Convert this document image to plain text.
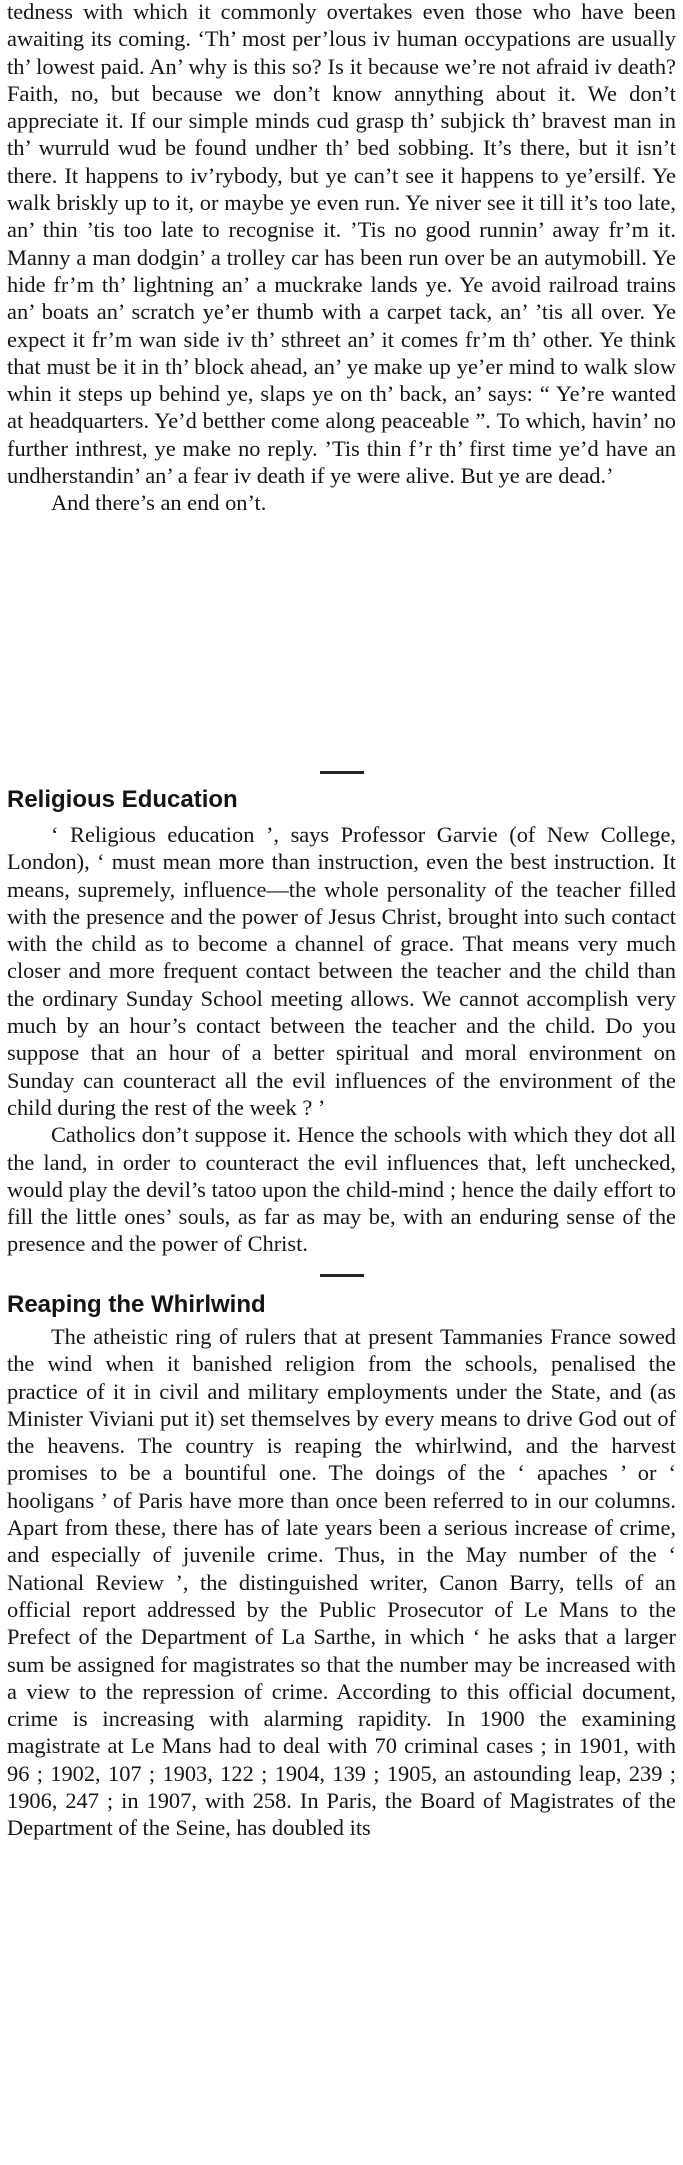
tedness with which it commonly overtakes even those who have been awaiting its coming. ‘Th’ most per’lous iv human occypations are usually th’ lowest paid. An’ why is this so? Is it because we’re not afraid iv death? Faith, no, but because we don’t know annything about it. We don’t appreciate it. If our simple minds cud grasp th’ subjick th’ bravest man in th’ wurruld wud be found undher th’ bed sobbing. It’s there, but it isn’t there. It happens to iv’rybody, but ye can’t see it happens to ye’ersilf. Ye walk briskly up to it, or maybe ye even run. Ye niver see it till it’s too late, an’ thin ’tis too late to recognise it. ’Tis no good runnin’ away fr’m it. Manny a man dodgin’ a trolley car has been run over be an autymobill. Ye hide fr’m th’ lightning an’ a muckrake lands ye. Ye avoid railroad trains an’ boats an’ scratch ye’er thumb with a carpet tack, an’ ’tis all over. Ye expect it fr’m wan side iv th’ sthreet an’ it comes fr’m th’ other. Ye think that must be it in th’ block ahead, an’ ye make up ye’er mind to walk slow whin it steps up behind ye, slaps ye on th’ back, an’ says: “ Ye’re wanted at headquarters. Ye’d betther come along peaceable ”. To which, havin’ no further inthrest, ye make no reply. ’Tis thin f’r th’ first time ye’d have an undherstandin’ an’ a fear iv death if ye were alive. But ye are dead.’

And there’s an end on’t.

Religious Education

‘ Religious education ’, says Professor Garvie (of New College, London), ‘ must mean more than instruction, even the best instruction. It means, supremely, influence—the whole personality of the teacher filled with the presence and the power of Jesus Christ, brought into such contact with the child as to become a channel of grace. That means very much closer and more frequent contact between the teacher and the child than the ordinary Sunday School meeting allows. We cannot accomplish very much by an hour’s contact between the teacher and the child. Do you suppose that an hour of a better spiritual and moral environment on Sunday can counteract all the evil influences of the environment of the child during the rest of the week ? ’

Catholics don’t suppose it. Hence the schools with which they dot all the land, in order to counteract the evil influences that, left unchecked, would play the devil’s tatoo upon the child-mind ; hence the daily effort to fill the little ones’ souls, as far as may be, with an enduring sense of the presence and the power of Christ.

Reaping the Whirlwind

The atheistic ring of rulers that at present Tammanies France sowed the wind when it banished religion from the schools, penalised the practice of it in civil and military employments under the State, and (as Minister Viviani put it) set themselves by every means to drive God out of the heavens. The country is reaping the whirlwind, and the harvest promises to be a bountiful one. The doings of the ‘ apaches ’ or ‘ hooligans ’ of Paris have more than once been referred to in our columns. Apart from these, there has of late years been a serious increase of crime, and especially of juvenile crime. Thus, in the May number of the ‘ National Review ’, the distinguished writer, Canon Barry, tells of an official report addressed by the Public Prosecutor of Le Mans to the Prefect of the Department of La Sarthe, in which ‘ he asks that a larger sum be assigned for magistrates so that the number may be increased with a view to the repression of crime. According to this official document, crime is increasing with alarming rapidity. In 1900 the examining magistrate at Le Mans had to deal with 70 criminal cases ; in 1901, with 96 ; 1902, 107 ; 1903, 122 ; 1904, 139 ; 1905, an astounding leap, 239 ; 1906, 247 ; in 1907, with 258. In Paris, the Board of Magistrates of the Department of the Seine, has doubled its
